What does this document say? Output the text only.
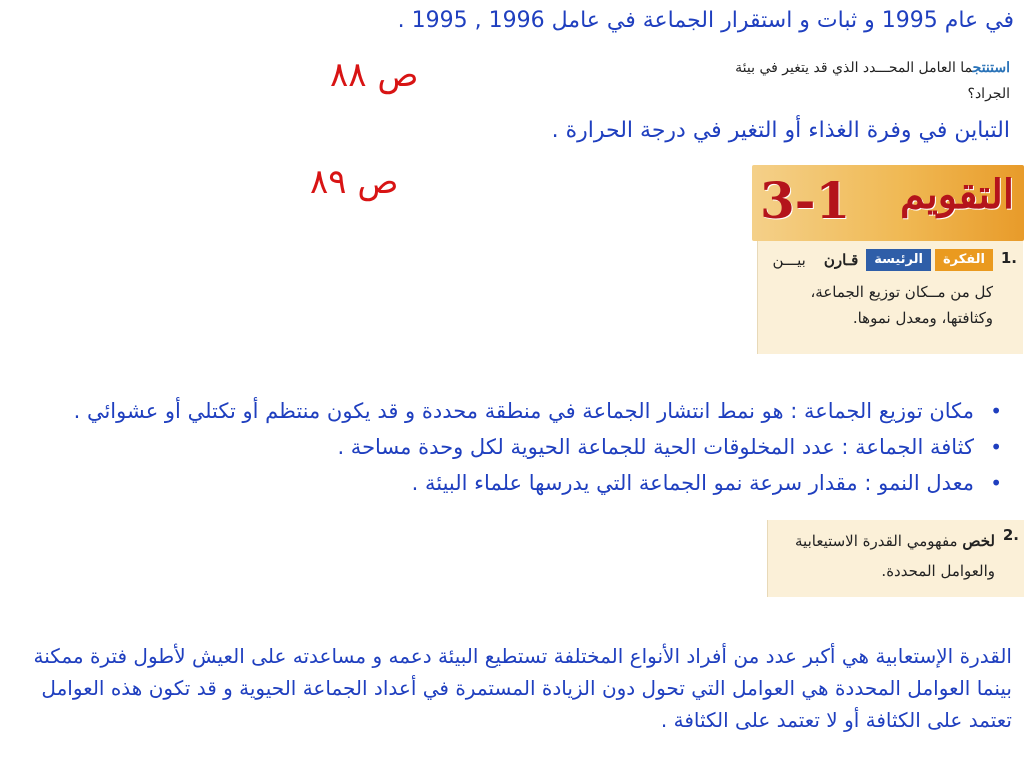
في عام 1995 و ثبات و استقرار الجماعة في عامل 1996 , 1995 .
ص ٨٨	استنتجما العامل المحـــدد الذي قد يتغير في بيئة الجراد؟
التباين في وفرة الغذاء أو التغير في درجة الحرارة .
ص ٨٩	التقويم
3-1
1.
الفكرة
الرئيسة
قـارن
بيـــن
كل من مــكان توزيع الجماعة، وكثافتها، ومعدل نموها.
•
مكان توزيع الجماعة : هو نمط انتشار الجماعة في منطقة محددة و قد يكون منتظم أو تكتلي أو عشوائي .
•
كثافة الجماعة : عدد المخلوقات الحية للجماعة الحيوية لكل وحدة مساحة .
•
معدل النمو : مقدار سرعة نمو الجماعة التي يدرسها علماء البيئة .
2.
لخص مفهومي القدرة الاستيعابية والعوامل المحددة.
القدرة الإستعابية هي أكبر عدد من أفراد الأنواع المختلفة تستطيع البيئة دعمه و مساعدته على العيش لأطول فترة ممكنة بينما العوامل المحددة هي العوامل التي تحول دون الزيادة المستمرة في أعداد الجماعة الحيوية و قد تكون هذه العوامل تعتمد على الكثافة أو لا تعتمد على الكثافة .
